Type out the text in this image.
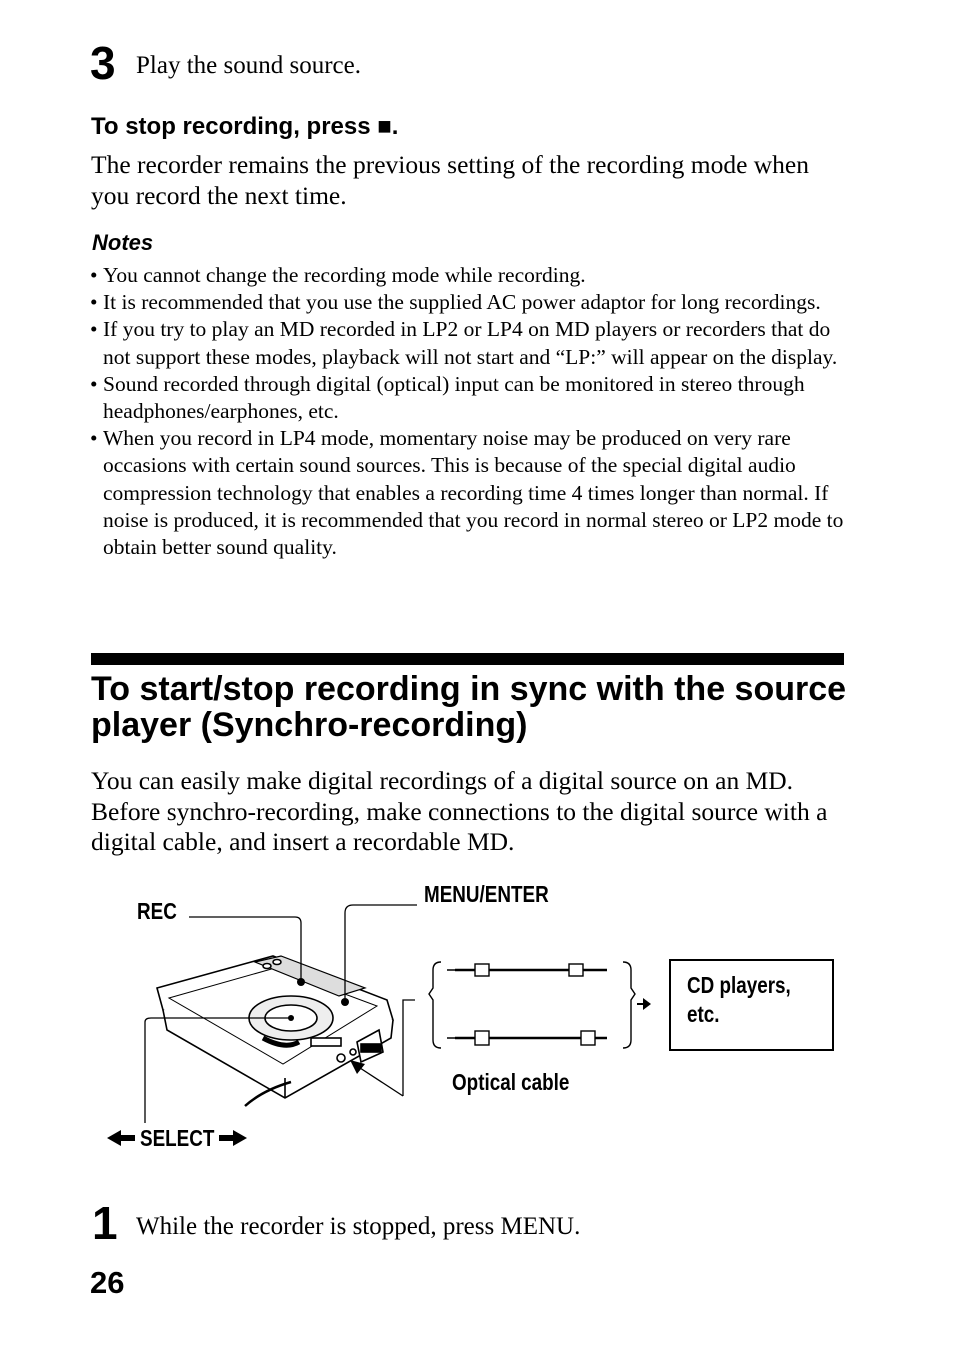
3 Play the sound source.
To stop recording, press ■.
The recorder remains the previous setting of the recording mode when you record the next time.
Notes
• You cannot change the recording mode while recording.
• It is recommended that you use the supplied AC power adaptor for long recordings.
• If you try to play an MD recorded in LP2 or LP4 on MD players or recorders that do not support these modes, playback will not start and “LP:” will appear on the display.
• Sound recorded through digital (optical) input can be monitored in stereo through headphones/earphones, etc.
• When you record in LP4 mode, momentary noise may be produced on very rare occasions with certain sound sources. This is because of the special digital audio compression technology that enables a recording time 4 times longer than normal. If noise is produced, it is recommended that you record in normal stereo or LP2 mode to obtain better sound quality.
To start/stop recording in sync with the source player (Synchro-recording)
You can easily make digital recordings of a digital source on an MD. Before synchro-recording, make connections to the digital source with a digital cable, and insert a recordable MD.
REC
MENU/ENTER
Optical cable
SELECT
CD players, etc.
1 While the recorder is stopped, press MENU.
26
